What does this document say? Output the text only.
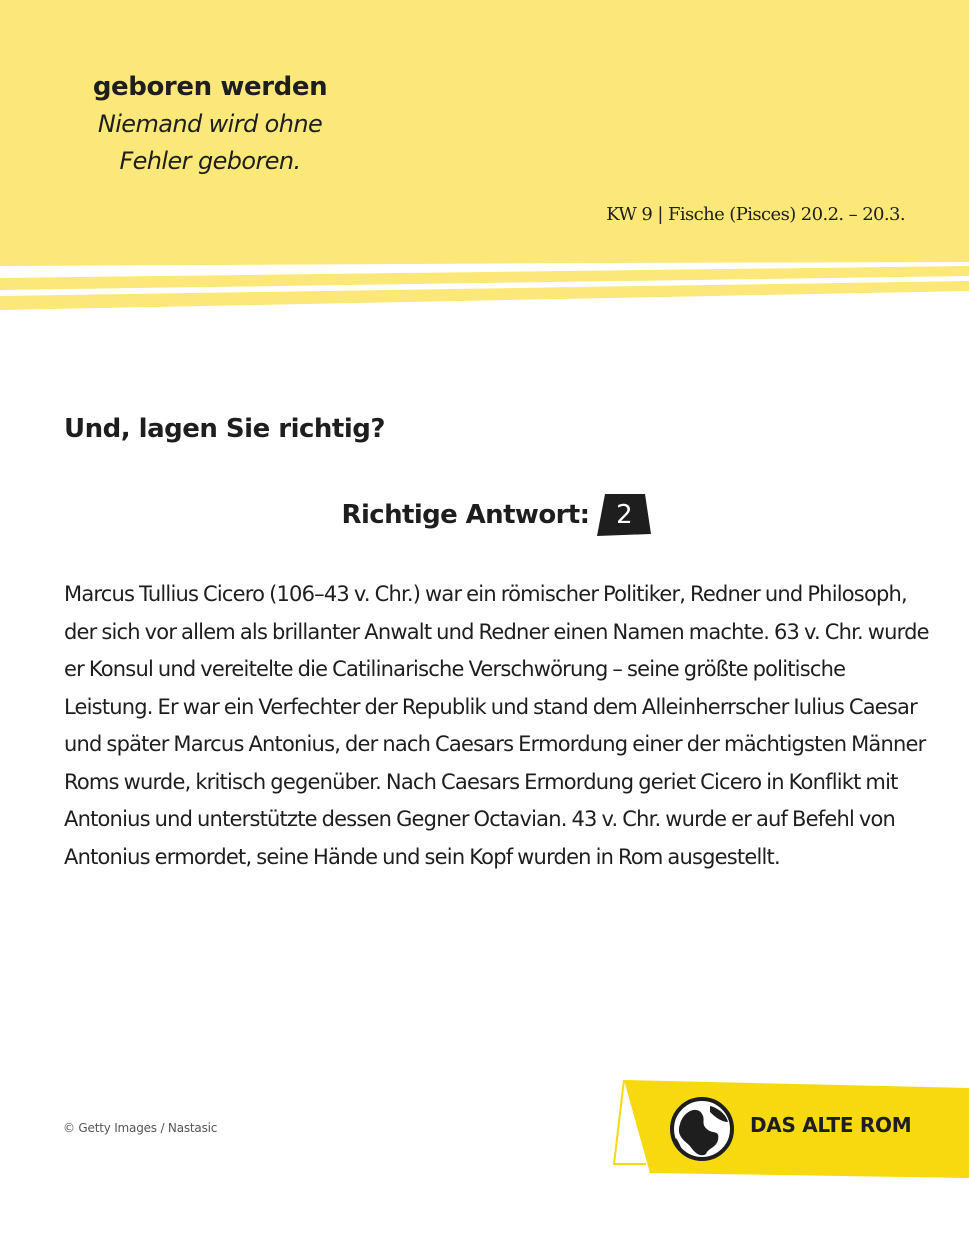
geboren werden
Niemand wird ohne
Fehler geboren.
KW 9 | Fische (Pisces) 20.2. – 20.3.
Und, lagen Sie richtig?
Richtige Antwort:	2

Marcus Tullius Cicero (106–43 v. Chr.) war ein römischer Politiker, Redner und Philosoph, der sich vor allem als brillanter Anwalt und Redner einen Namen machte. 63 v. Chr. wurde er Konsul und vereitelte die Catilinarische Verschwörung – seine größte politische Leistung. Er war ein Verfechter der Republik und stand dem Alleinherrscher Iulius Caesar und später Marcus Antonius, der nach Caesars Ermordung einer der mächtigsten Männer Roms wurde, kritisch gegenüber. Nach Caesars Ermordung geriet Cicero in Konflikt mit Antonius und unterstützte dessen Gegner Octavian. 43 v. Chr. wurde er auf Befehl von Antonius ermordet, seine Hände und sein Kopf wurden in Rom ausgestellt.

© Getty Images / Nastasic	DAS ALTE ROM
